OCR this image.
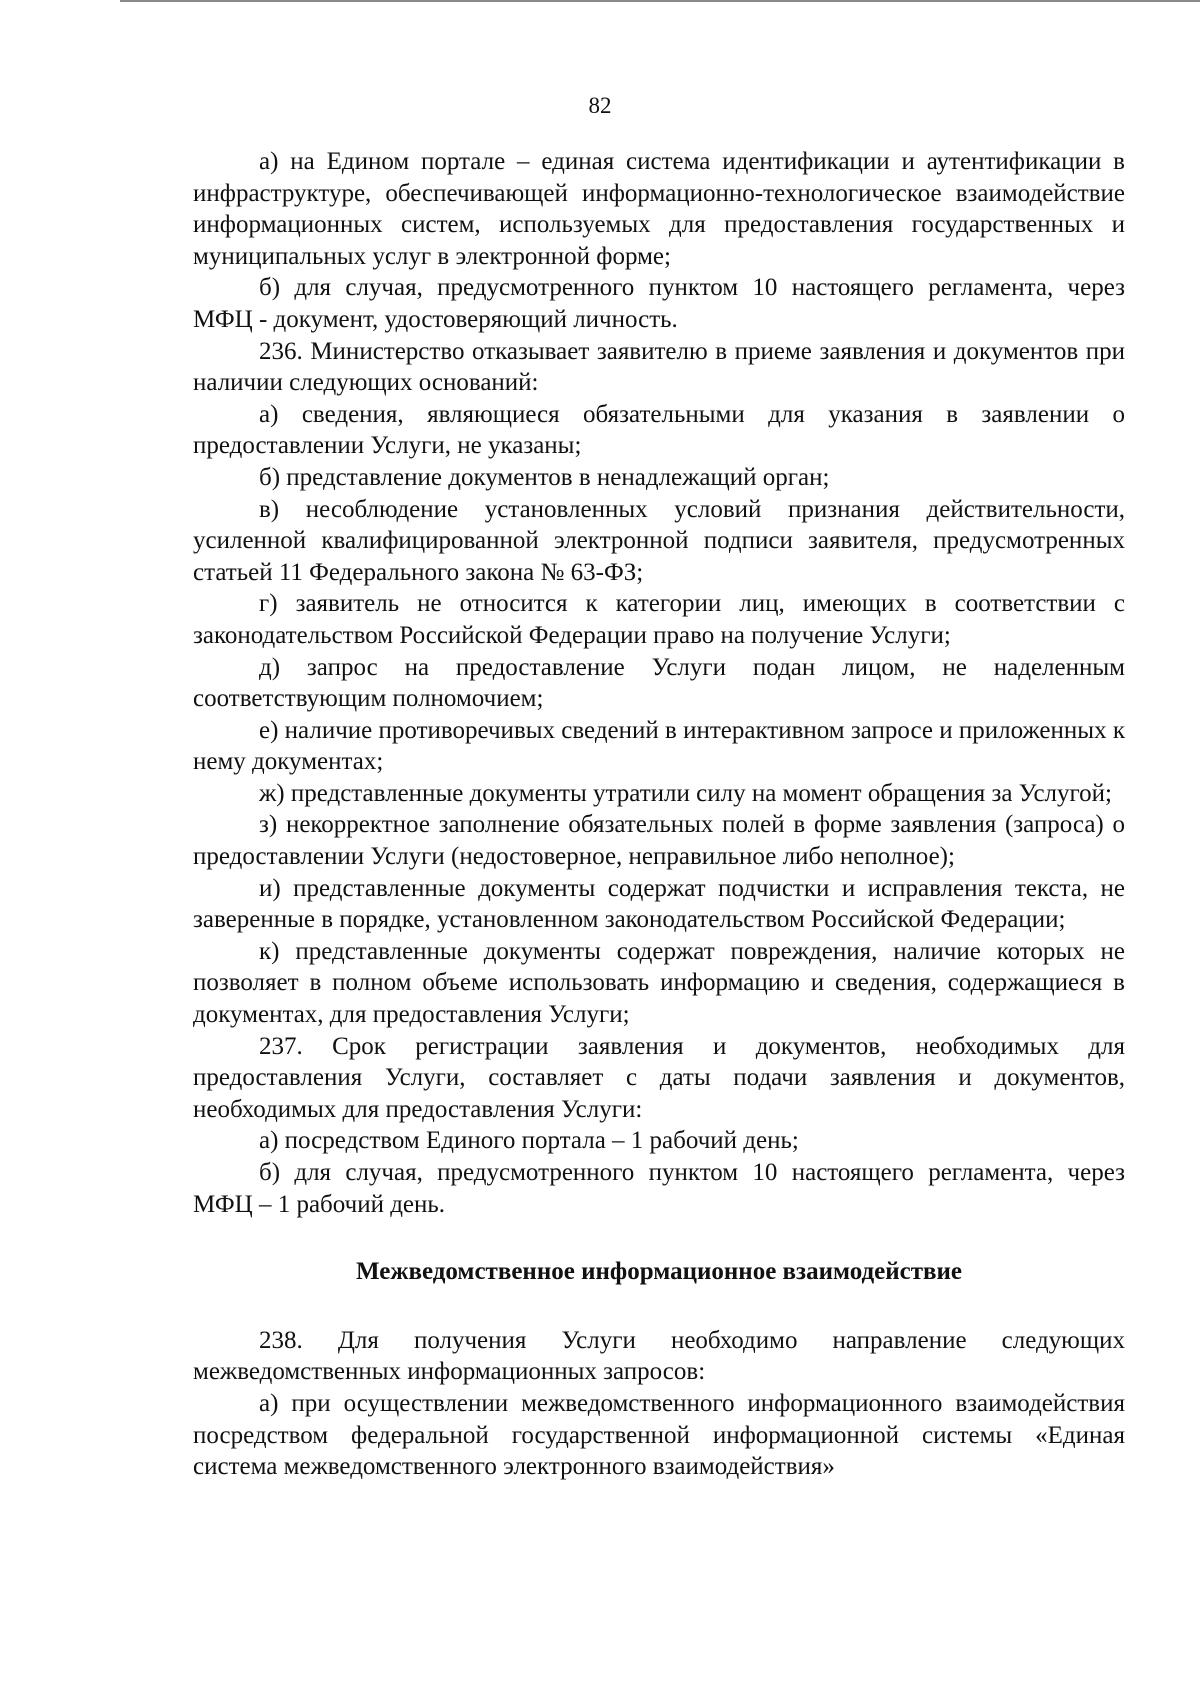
82

а) на Едином портале – единая система идентификации и аутентификации в инфраструктуре, обеспечивающей информационно-технологическое взаимодействие информационных систем, используемых для предоставления государственных и муниципальных услуг в электронной форме;

б) для случая, предусмотренного пунктом 10 настоящего регламента, через МФЦ - документ, удостоверяющий личность.

236. Министерство отказывает заявителю в приеме заявления и документов при наличии следующих оснований:

а) сведения, являющиеся обязательными для указания в заявлении о предоставлении Услуги, не указаны;

б) представление документов в ненадлежащий орган;

в) несоблюдение установленных условий признания действительности, усиленной квалифицированной электронной подписи заявителя, предусмотренных статьей 11 Федерального закона № 63-ФЗ;

г) заявитель не относится к категории лиц, имеющих в соответствии с законодательством Российской Федерации право на получение Услуги;

д) запрос на предоставление Услуги подан лицом, не наделенным соответствующим полномочием;

е) наличие противоречивых сведений в интерактивном запросе и приложенных к нему документах;

ж) представленные документы утратили силу на момент обращения за Услугой;

з) некорректное заполнение обязательных полей в форме заявления (запроса) о предоставлении Услуги (недостоверное, неправильное либо неполное);

и) представленные документы содержат подчистки и исправления текста, не заверенные в порядке, установленном законодательством Российской Федерации;

к) представленные документы содержат повреждения, наличие которых не позволяет в полном объеме использовать информацию и сведения, содержащиеся в документах, для предоставления Услуги;

237. Срок регистрации заявления и документов, необходимых для предоставления Услуги, составляет с даты подачи заявления и документов, необходимых для предоставления Услуги:

а) посредством Единого портала – 1 рабочий день;

б) для случая, предусмотренного пунктом 10 настоящего регламента, через МФЦ – 1 рабочий день.

Межведомственное информационное взаимодействие

238. Для получения Услуги необходимо направление следующих межведомственных информационных запросов:

а) при осуществлении межведомственного информационного взаимодействия посредством федеральной государственной информационной системы «Единая система межведомственного электронного взаимодействия»
